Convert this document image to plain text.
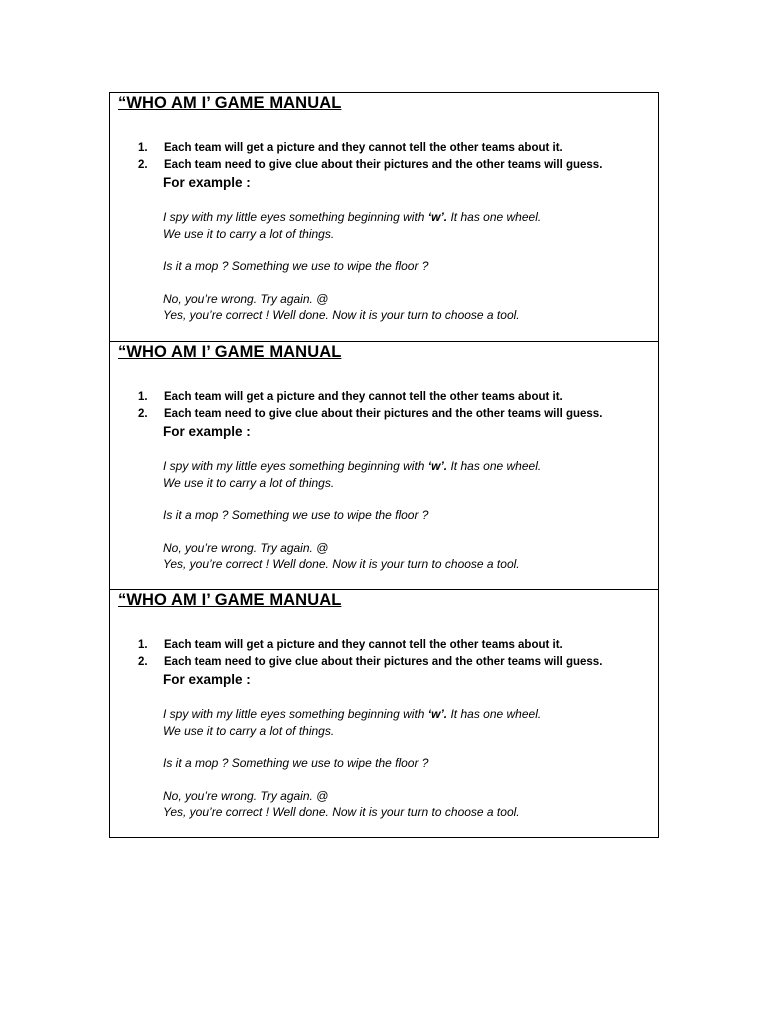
“WHO AM I’ GAME MANUAL
1. Each team will get a picture and they cannot tell the other teams about it.
2. Each team need to give clue about their pictures and the other teams will guess.
For example :
I spy with my little eyes something beginning with ‘w’. It has one wheel.
We use it to carry a lot of things.
Is it a mop ? Something we use to wipe the floor ?
No, you’re wrong. Try again. @
Yes, you’re correct ! Well done. Now it is your turn to choose a tool.
“WHO AM I’ GAME MANUAL
1. Each team will get a picture and they cannot tell the other teams about it.
2. Each team need to give clue about their pictures and the other teams will guess.
For example :
I spy with my little eyes something beginning with ‘w’. It has one wheel.
We use it to carry a lot of things.
Is it a mop ? Something we use to wipe the floor ?
No, you’re wrong. Try again. @
Yes, you’re correct ! Well done. Now it is your turn to choose a tool.
“WHO AM I’ GAME MANUAL
1. Each team will get a picture and they cannot tell the other teams about it.
2. Each team need to give clue about their pictures and the other teams will guess.
For example :
I spy with my little eyes something beginning with ‘w’. It has one wheel.
We use it to carry a lot of things.
Is it a mop ? Something we use to wipe the floor ?
No, you’re wrong. Try again. @
Yes, you’re correct ! Well done. Now it is your turn to choose a tool.
